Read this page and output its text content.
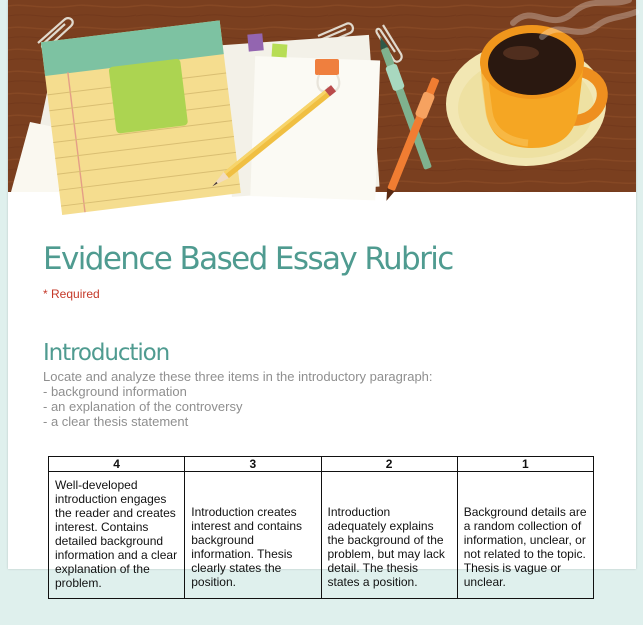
Evidence Based Essay Rubric
* Required
Introduction
Locate and analyze these three items in the introductory paragraph:
- background information
- an explanation of the controversy
- a clear thesis statement
4	3	2	1

Well-developed introduction engages the reader and creates interest. Contains detailed background information and a clear explanation of the problem.	Introduction creates interest and contains background information. Thesis clearly states the position.	Introduction adequately explains the background of the problem, but may lack detail. The thesis states a position.	Background details are a random collection of information, unclear, or not related to the topic. Thesis is vague or unclear.
